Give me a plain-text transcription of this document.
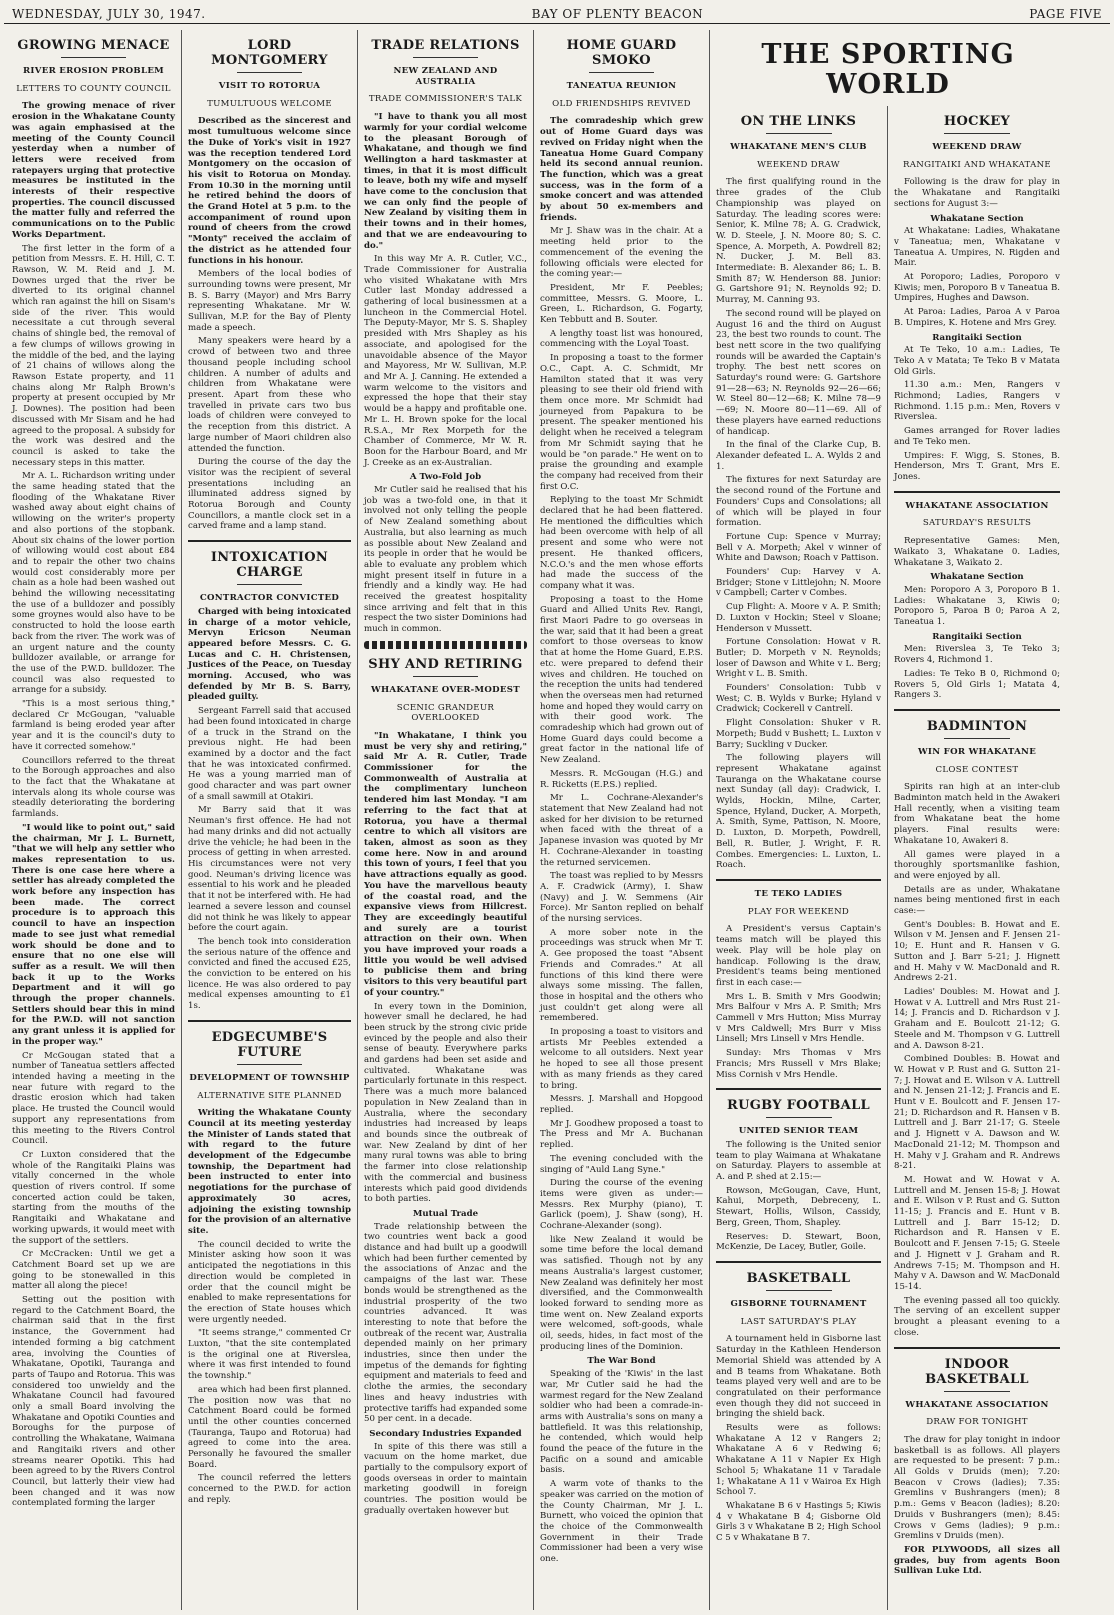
WEDNESDAY, JULY 30, 1947.	BAY OF PLENTY BEACON	PAGE FIVE
GROWING MENACE
RIVER EROSION PROBLEM
LETTERS TO COUNTY COUNCIL

The growing menace of river erosion in the Whakatane County was again emphasised at the meeting of the County Council yesterday when a number of letters were received from ratepayers urging that protective measures be instituted in the interests of their respective properties. The council discussed the matter fully and referred the communications on to the Public Works Department.

The first letter in the form of a petition from Messrs. E. H. Hill, C. T. Rawson, W. M. Reid and J. M. Downes urged that the river be diverted to its original channel which ran against the hill on Sisam's side of the river. This would necessitate a cut through several chains of shingle bed, the removal of a few clumps of willows growing in the middle of the bed, and the laying of 21 chains of willows along the Rawson Estate property, and 11 chains along Mr Ralph Brown's property at present occupied by Mr J. Downes). The position had been discussed with Mr Sisam and he had agreed to the proposal. A subsidy for the work was desired and the council is asked to take the necessary steps in this matter.

Mr A. L. Richardson writing under the same heading stated that the flooding of the Whakatane River washed away about eight chains of willowing on the writer's property and also portions of the stopbank. About six chains of the lower portion of willowing would cost about £84 and to repair the other two chains would cost considerably more per chain as a hole had been washed out behind the willowing necessitating the use of a bulldozer and possibly some groynes would also have to be constructed to hold the loose earth back from the river. The work was of an urgent nature and the county bulldozer available, or arrange for the use of the P.W.D. bulldozer. The council was also requested to arrange for a subsidy.

"This is a most serious thing," declared Cr McGougan, "valuable farmland is being eroded year after year and it is the council's duty to have it corrected somehow."

Councillors referred to the threat to the Borough approaches and also to the fact that the Whakatane at intervals along its whole course was steadily deteriorating the bordering farmlands.

"I would like to point out," said the chairman, Mr J. L. Burnett, "that we will help any settler who makes representation to us. There is one case here where a settler has already completed the work before any inspection has been made. The correct procedure is to approach this council to have an inspection made to see just what remedial work should be done and to ensure that no one else will suffer as a result. We will then back it up to the Works Department and it will go through the proper channels. Settlers should bear this in mind for the P.W.D. will not sanction any grant unless it is applied for in the proper way."

Cr McGougan stated that a number of Taneatua settlers affected intended having a meeting in the near future with regard to the drastic erosion which had taken place. He trusted the Council would support any representations from this meeting to the Rivers Control Council.

Cr Luxton considered that the whole of the Rangitaiki Plains was vitally concerned in the whole question of rivers control. If some concerted action could be taken, starting from the mouths of the Rangitaiki and Whakatane and working upwards, it would meet with the support of the settlers.

Cr McCracken: Until we get a Catchment Board set up we are going to be stonewalled in this matter all along the piece!

Setting out the position with regard to the Catchment Board, the chairman said that in the first instance, the Government had intended forming a big catchment area, involving the Counties of Whakatane, Opotiki, Tauranga and parts of Taupo and Rotorua. This was considered too unwieldy and the Whakatane Council had favoured only a small Board involving the Whakatane and Opotiki Counties and Boroughs for the purpose of controlling the Whakatane, Waimana and Rangitaiki rivers and other streams nearer Opotiki. This had been agreed to by the Rivers Control Council, but latterly their view had been changed and it was now contemplated forming the larger

LORD MONTGOMERY
VISIT TO ROTORUA
TUMULTUOUS WELCOME

Described as the sincerest and most tumultuous welcome since the Duke of York's visit in 1927 was the reception tendered Lord Montgomery on the occasion of his visit to Rotorua on Monday. From 10.30 in the morning until he retired behind the doors of the Grand Hotel at 5 p.m. to the accompaniment of round upon round of cheers from the crowd "Monty" received the acclaim of the district as he attended four functions in his honour.

Members of the local bodies of surrounding towns were present, Mr B. S. Barry (Mayor) and Mrs Barry representing Whakatane. Mr W. Sullivan, M.P. for the Bay of Plenty made a speech.

Many speakers were heard by a crowd of between two and three thousand people including school children. A number of adults and children from Whakatane were present. Apart from these who travelled in private cars two bus loads of children were conveyed to the reception from this district. A large number of Maori children also attended the function.

During the course of the day the visitor was the recipient of several presentations including an illuminated address signed by Rotorua Borough and County Councillors, a mantle clock set in a carved frame and a lamp stand.

INTOXICATION CHARGE
CONTRACTOR CONVICTED

Charged with being intoxicated in charge of a motor vehicle, Mervyn Ericson Neuman appeared before Messrs. C. G. Lucas and C. H. Christensen, Justices of the Peace, on Tuesday morning. Accused, who was defended by Mr B. S. Barry, pleaded guilty.

Sergeant Farrell said that accused had been found intoxicated in charge of a truck in the Strand on the previous night. He had been examined by a doctor and the fact that he was intoxicated confirmed. He was a young married man of good character and was part owner of a small sawmill at Otakiri.

Mr Barry said that it was Neuman's first offence. He had not had many drinks and did not actually drive the vehicle; he had been in the process of getting in when arrested. His circumstances were not very good. Neuman's driving licence was essential to his work and he pleaded that it not be interfered with. He had learned a severe lesson and counsel did not think he was likely to appear before the court again.

The bench took into consideration the serious nature of the offence and convicted and fined the accused £25, the conviction to be entered on his licence. He was also ordered to pay medical expenses amounting to £1 1s.

EDGECUMBE'S FUTURE
DEVELOPMENT OF TOWNSHIP
ALTERNATIVE SITE PLANNED

Writing the Whakatane County Council at its meeting yesterday the Minister of Lands stated that with regard to the future development of the Edgecumbe township, the Department had been instructed to enter into negotiations for the purchase of approximately 30 acres, adjoining the existing township for the provision of an alternative site.

The council decided to write the Minister asking how soon it was anticipated the negotiations in this direction would be completed in order that the council might be enabled to make representations for the erection of State houses which were urgently needed.

"It seems strange," commented Cr Luxton, "that the site contemplated is the original one at Riverslea, where it was first intended to found the township."

area which had been first planned. The position now was that no Catchment Board could be formed until the other counties concerned (Tauranga, Taupo and Rotorua) had agreed to come into the area. Personally he favoured the smaller Board.

The council referred the letters concerned to the P.W.D. for action and reply.

TRADE RELATIONS
NEW ZEALAND AND AUSTRALIA
TRADE COMMISSIONER'S TALK

"I have to thank you all most warmly for your cordial welcome to the pleasant Borough of Whakatane, and though we find Wellington a hard taskmaster at times, in that it is most difficult to leave, both my wife and myself have come to the conclusion that we can only find the people of New Zealand by visiting them in their towns and in their homes, and that we are endeavouring to do."

In this way Mr A. R. Cutler, V.C., Trade Commissioner for Australia who visited Whakatane with Mrs Cutler last Monday addressed a gathering of local businessmen at a luncheon in the Commercial Hotel. The Deputy-Mayor, Mr S. S. Shapley presided with Mrs Shapley as his associate, and apologised for the unavoidable absence of the Mayor and Mayoress, Mr W. Sullivan, M.P. and Mr A. J. Canning. He extended a warm welcome to the visitors and expressed the hope that their stay would be a happy and profitable one. Mr L. H. Brown spoke for the local R.S.A., Mr Rex Morpeth for the Chamber of Commerce, Mr W. R. Boon for the Harbour Board, and Mr J. Creeke as an ex-Australian.

A Two-Fold Job

Mr Cutler said he realised that his job was a two-fold one, in that it involved not only telling the people of New Zealand something about Australia, but also learning as much as possible about New Zealand and its people in order that he would be able to evaluate any problem which might present itself in future in a friendly and a kindly way. He had received the greatest hospitality since arriving and felt that in this respect the two sister Dominions had much in common.

SHY AND RETIRING
WHAKATANE OVER-MODEST
SCENIC GRANDEUR OVERLOOKED

"In Whakatane, I think you must be very shy and retiring," said Mr A. R. Cutler, Trade Commissioner for the Commonwealth of Australia at the complimentary luncheon tendered him last Monday. "I am referring to the fact that at Rotorua, you have a thermal centre to which all visitors are taken, almost as soon as they come here. Now in and around this town of yours, I feel that you have attractions equally as good. You have the marvellous beauty of the coastal road, and the expansive views from Hillcrest. They are exceedingly beautiful and surely are a tourist attraction on their own. When you have improved your roads a little you would be well advised to publicise them and bring visitors to this very beautiful part of your country."

In every town in the Dominion, however small he declared, he had been struck by the strong civic pride evinced by the people and also their sense of beauty. Everywhere parks and gardens had been set aside and cultivated. Whakatane was particularly fortunate in this respect. There was a much more balanced population in New Zealand than in Australia, where the secondary industries had increased by leaps and bounds since the outbreak of war. New Zealand by dint of her many rural towns was able to bring the farmer into close relationship with the commercial and business interests which paid good dividends to both parties.

Mutual Trade

Trade relationship between the two countries went back a good distance and had built up a goodwill which had been further cemented by the associations of Anzac and the campaigns of the last war. These bonds would be strengthened as the industrial prosperity of the two countries advanced. It was interesting to note that before the outbreak of the recent war, Australia depended mainly on her primary industries, since then under the impetus of the demands for fighting equipment and materials to feed and clothe the armies, the secondary lines and heavy industries with protective tariffs had expanded some 50 per cent. in a decade.

Secondary Industries Expanded

In spite of this there was still a vacuum on the home market, due partially to the compulsory export of goods overseas in order to maintain marketing goodwill in foreign countries. The position would be gradually overtaken however but

HOME GUARD SMOKO
TANEATUA REUNION
OLD FRIENDSHIPS REVIVED

The comradeship which grew out of Home Guard days was revived on Friday night when the Taneatua Home Guard Company held its second annual reunion. The function, which was a great success, was in the form of a smoke concert and was attended by about 50 ex-members and friends.

Mr J. Shaw was in the chair. At a meeting held prior to the commencement of the evening the following officials were elected for the coming year:—

President, Mr F. Peebles; committee, Messrs. G. Moore, L. Green, L. Richardson, G. Fogarty, Ken Tebbutt and B. Souter.

A lengthy toast list was honoured, commencing with the Loyal Toast.

In proposing a toast to the former O.C., Capt. A. C. Schmidt, Mr Hamilton stated that it was very pleasing to see their old friend with them once more. Mr Schmidt had journeyed from Papakura to be present. The speaker mentioned his delight when he received a telegram from Mr Schmidt saying that he would be "on parade." He went on to praise the grounding and example the company had received from their first O.C.

Replying to the toast Mr Schmidt declared that he had been flattered. He mentioned the difficulties which had been overcome with help of all present and some who were not present. He thanked officers, N.C.O.'s and the men whose efforts had made the success of the company what it was.

Proposing a toast to the Home Guard and Allied Units Rev. Rangi, first Maori Padre to go overseas in the war, said that it had been a great comfort to those overseas to know that at home the Home Guard, E.P.S. etc. were prepared to defend their wives and children. He touched on the reception the units had tendered when the overseas men had returned home and hoped they would carry on with their good work. The comradeship which had grown out of Home Guard days could become a great factor in the national life of New Zealand.

Messrs. R. McGougan (H.G.) and R. Ricketts (E.P.S.) replied.

Mr L. Cochrane-Alexander's statement that New Zealand had not asked for her division to be returned when faced with the threat of a Japanese invasion was quoted by Mr H. Cochrane-Alexander in toasting the returned servicemen.

The toast was replied to by Messrs A. F. Cradwick (Army), I. Shaw (Navy) and J. W. Semmens (Air Force). Mr Santon replied on behalf of the nursing services.

A more sober note in the proceedings was struck when Mr T. A. Gee proposed the toast "Absent Friends and Comrades." At all functions of this kind there were always some missing. The fallen, those in hospital and the others who just couldn't get along were all remembered.

In proposing a toast to visitors and artists Mr Peebles extended a welcome to all outsiders. Next year he hoped to see all those present with as many friends as they cared to bring.

Messrs. J. Marshall and Hopgood replied.

Mr J. Goodhew proposed a toast to The Press and Mr A. Buchanan replied.

The evening concluded with the singing of "Auld Lang Syne."

During the course of the evening items were given as under:— Messrs. Rex Murphy (piano), T. Garlick (poem), J. Shaw (song), H. Cochrane-Alexander (song).

like New Zealand it would be some time before the local demand was satisfied. Though not by any means Australia's largest customer, New Zealand was definitely her most diversified, and the Commonwealth looked forward to sending more as time went on. New Zealand exports were welcomed, soft-goods, whale oil, seeds, hides, in fact most of the producing lines of the Dominion.

The War Bond

Speaking of the 'Kiwis' in the last war, Mr Cutler said he had the warmest regard for the New Zealand soldier who had been a comrade-in-arms with Australia's sons on many a battlefield. It was this relationship, he contended, which would help found the peace of the future in the Pacific on a sound and amicable basis.

A warm vote of thanks to the speaker was carried on the motion of the County Chairman, Mr J. L. Burnett, who voiced the opinion that the choice of the Commonwealth Government in their Trade Commissioner had been a very wise one.

THE SPORTING WORLD
ON THE LINKS
WHAKATANE MEN'S CLUB
WEEKEND DRAW

The first qualifying round in the three grades of the Club Championship was played on Saturday. The leading scores were: Senior, K. Milne 78; A. G. Cradwick, W. D. Steele, J. N. Moore 80; S. C. Spence, A. Morpeth, A. Powdrell 82; N. Ducker, J. M. Bell 83. Intermediate: B. Alexander 86; L. B. Smith 87; W. Henderson 88. Junior: G. Gartshore 91; N. Reynolds 92; D. Murray, M. Canning 93.

The second round will be played on August 16 and the third on August 23, the best two rounds to count. The best nett score in the two qualifying rounds will be awarded the Captain's trophy. The best nett scores on Saturday's round were: G. Gartshore 91—28—63; N. Reynolds 92—26—66; W. Steel 80—12—68; K. Milne 78—9—69; N. Moore 80—11—69. All of these players have earned reductions of handicap.

In the final of the Clarke Cup, B. Alexander defeated L. A. Wylds 2 and 1.

The fixtures for next Saturday are the second round of the Fortune and Founders' Cups and Consolations; all of which will be played in four formation.

Fortune Cup: Spence v Murray; Bell v A. Morpeth; Akel v winner of White and Dawson; Roach v Pattison.

Founders' Cup: Harvey v A. Bridger; Stone v Littlejohn; N. Moore v Campbell; Carter v Combes.

Cup Flight: A. Moore v A. P. Smith; D. Luxton v Hockin; Steel v Sloane; Henderson v Mussett.

Fortune Consolation: Howat v R. Butler; D. Morpeth v N. Reynolds; loser of Dawson and White v L. Berg; Wright v L. B. Smith.

Founders' Consolation: Tubb v West; C. B. Wylds v Burke; Hyland v Cradwick; Cockerell v Cantrell.

Flight Consolation: Shuker v R. Morpeth; Budd v Bushett; L. Luxton v Barry; Suckling v Ducker.

The following players will represent Whakatane against Tauranga on the Whakatane course next Sunday (all day): Cradwick, I. Wylds, Hockin, Milne, Carter, Spence, Hyland, Ducker, A. Morpeth, A. Smith, Syme, Pattison, N. Moore, D. Luxton, D. Morpeth, Powdrell, Bell, R. Butler, J. Wright, F. R. Combes. Emergencies: L. Luxton, L. Roach.

TE TEKO LADIES
PLAY FOR WEEKEND

A President's versus Captain's teams match will be played this week. Play will be hole play on handicap. Following is the draw, President's teams being mentioned first in each case:—

Mrs L. B. Smith v Mrs Goodwin; Mrs Balfour v Mrs A. P. Smith; Mrs Cammell v Mrs Hutton; Miss Murray v Mrs Caldwell; Mrs Burr v Miss Linsell; Mrs Linsell v Mrs Hendle.

Sunday: Mrs Thomas v Mrs Francis; Mrs Russell v Mrs Blake; Miss Cornish v Mrs Hendle.

RUGBY FOOTBALL
UNITED SENIOR TEAM

The following is the United senior team to play Waimana at Whakatane on Saturday. Players to assemble at A. and P. shed at 2.15:—

Rowson, McGougan, Cave, Hunt, Kahui, Morpeth, Debreceny, L. Stewart, Hollis, Wilson, Cassidy, Berg, Green, Thom, Shapley.

Reserves: D. Stewart, Boon, McKenzie, De Lacey, Butler, Goile.

BASKETBALL
GISBORNE TOURNAMENT
LAST SATURDAY'S PLAY

A tournament held in Gisborne last Saturday in the Kathleen Henderson Memorial Shield was attended by A and B teams from Whakatane. Both teams played very well and are to be congratulated on their performance even though they did not succeed in bringing the shield back.

Results were as follows: Whakatane A 12 v Rangers 2; Whakatane A 6 v Redwing 6; Whakatane A 11 v Napier Ex High School 5; Whakatane 11 v Taradale 1; Whakatane A 11 v Wairoa Ex High School 7.

Whakatane B 6 v Hastings 5; Kiwis 4 v Whakatane B 4; Gisborne Old Girls 3 v Whakatane B 2; High School C 5 v Whakatane B 7.

HOCKEY
WEEKEND DRAW
RANGITAIKI AND WHAKATANE

Following is the draw for play in the Whakatane and Rangitaiki sections for August 3:—

Whakatane Section

At Whakatane: Ladies, Whakatane v Taneatua; men, Whakatane v Taneatua A. Umpires, N. Rigden and Mair.

At Poroporo; Ladies, Poroporo v Kiwis; men, Poroporo B v Taneatua B. Umpires, Hughes and Dawson.

At Paroa: Ladies, Paroa A v Paroa B. Umpires, K. Hotene and Mrs Grey.

Rangitaiki Section

At Te Teko, 10 a.m.: Ladies, Te Teko A v Matata; Te Teko B v Matata Old Girls.

11.30 a.m.: Men, Rangers v Richmond; Ladies, Rangers v Richmond. 1.15 p.m.: Men, Rovers v Riverslea.

Games arranged for Rover ladies and Te Teko men.

Umpires: F. Wigg, S. Stones, B. Henderson, Mrs T. Grant, Mrs E. Jones.

WHAKATANE ASSOCIATION
SATURDAY'S RESULTS

Representative Games: Men, Waikato 3, Whakatane 0. Ladies, Whakatane 3, Waikato 2.

Whakatane Section

Men: Poroporo A 3, Poroporo B 1. Ladies: Whakatane 3, Kiwis 0; Poroporo 5, Paroa B 0; Paroa A 2, Taneatua 1.

Rangitaiki Section

Men: Riverslea 3, Te Teko 3; Rovers 4, Richmond 1.

Ladies: Te Teko B 0, Richmond 0; Rovers 5, Old Girls 1; Matata 4, Rangers 3.

BADMINTON
WIN FOR WHAKATANE
CLOSE CONTEST

Spirits ran high at an inter-club Badminton match held in the Awakeri Hall recently, when a visiting team from Whakatane beat the home players. Final results were: Whakatane 10, Awakeri 8.

All games were played in a thoroughly sportsmanlike fashion, and were enjoyed by all.

Details are as under, Whakatane names being mentioned first in each case:—

Gent's Doubles: B. Howat and E. Wilson v M. Jensen and F. Jensen 21-10; E. Hunt and R. Hansen v G. Sutton and J. Barr 5-21; J. Hignett and H. Mahy v W. MacDonald and R. Andrews 2-21.

Ladies' Doubles: M. Howat and J. Howat v A. Luttrell and Mrs Rust 21-14; J. Francis and D. Richardson v J. Graham and E. Boulcott 21-12; G. Steele and M. Thompson v G. Luttrell and A. Dawson 8-21.

Combined Doubles: B. Howat and W. Howat v P. Rust and G. Sutton 21-7; J. Howat and E. Wilson v A. Luttrell and N. Jensen 21-12; J. Francis and E. Hunt v E. Boulcott and F. Jensen 17-21; D. Richardson and R. Hansen v B. Luttrell and J. Barr 21-17; G. Steele and J. Hignett v A. Dawson and W. MacDonald 21-12; M. Thompson and H. Mahy v J. Graham and R. Andrews 8-21.

M. Howat and W. Howat v A. Luttrell and M. Jensen 15-8; J. Howat and E. Wilson v P. Rust and G. Sutton 11-15; J. Francis and E. Hunt v B. Luttrell and J. Barr 15-12; D. Richardson and R. Hansen v E. Boulcott and F. Jensen 7-15; G. Steele and J. Hignett v J. Graham and R. Andrews 7-15; M. Thompson and H. Mahy v A. Dawson and W. MacDonald 15-14.

The evening passed all too quickly. The serving of an excellent supper brought a pleasant evening to a close.

INDOOR BASKETBALL
WHAKATANE ASSOCIATION
DRAW FOR TONIGHT

The draw for play tonight in indoor basketball is as follows. All players are requested to be present: 7 p.m.: All Golds v Druids (men); 7.20: Beacon v Crows (ladies); 7.35: Gremlins v Bushrangers (men); 8 p.m.: Gems v Beacon (ladies); 8.20: Druids v Bushrangers (men); 8.45: Crows v Gems (ladies); 9 p.m.: Gremlins v Druids (men).

FOR PLYWOODS, all sizes all grades, buy from agents Boon Sullivan Luke Ltd.
